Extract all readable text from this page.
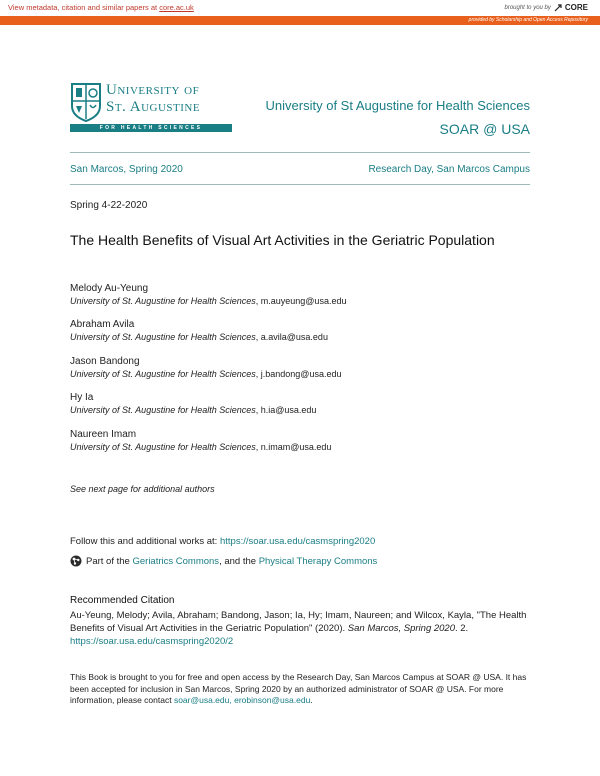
View metadata, citation and similar papers at core.ac.uk	brought to you by CORE
provided by Scholarship and Open Access Repository
University of
St. Augustine
FOR HEALTH SCIENCES
University of St Augustine for Health Sciences
SOAR @ USA
San Marcos, Spring 2020	Research Day, San Marcos Campus
Spring 4-22-2020
The Health Benefits of Visual Art Activities in the Geriatric Population
Melody Au-Yeung
University of St. Augustine for Health Sciences, m.auyeung@usa.edu
Abraham Avila
University of St. Augustine for Health Sciences, a.avila@usa.edu
Jason Bandong
University of St. Augustine for Health Sciences, j.bandong@usa.edu
Hy Ia
University of St. Augustine for Health Sciences, h.ia@usa.edu
Naureen Imam
University of St. Augustine for Health Sciences, n.imam@usa.edu
See next page for additional authors
Follow this and additional works at: https://soar.usa.edu/casmspring2020
Part of the Geriatrics Commons, and the Physical Therapy Commons
Recommended Citation
Au-Yeung, Melody; Avila, Abraham; Bandong, Jason; Ia, Hy; Imam, Naureen; and Wilcox, Kayla, "The Health Benefits of Visual Art Activities in the Geriatric Population" (2020). San Marcos, Spring 2020. 2.
https://soar.usa.edu/casmspring2020/2
This Book is brought to you for free and open access by the Research Day, San Marcos Campus at SOAR @ USA. It has been accepted for inclusion in San Marcos, Spring 2020 by an authorized administrator of SOAR @ USA. For more information, please contact soar@usa.edu, erobinson@usa.edu.
